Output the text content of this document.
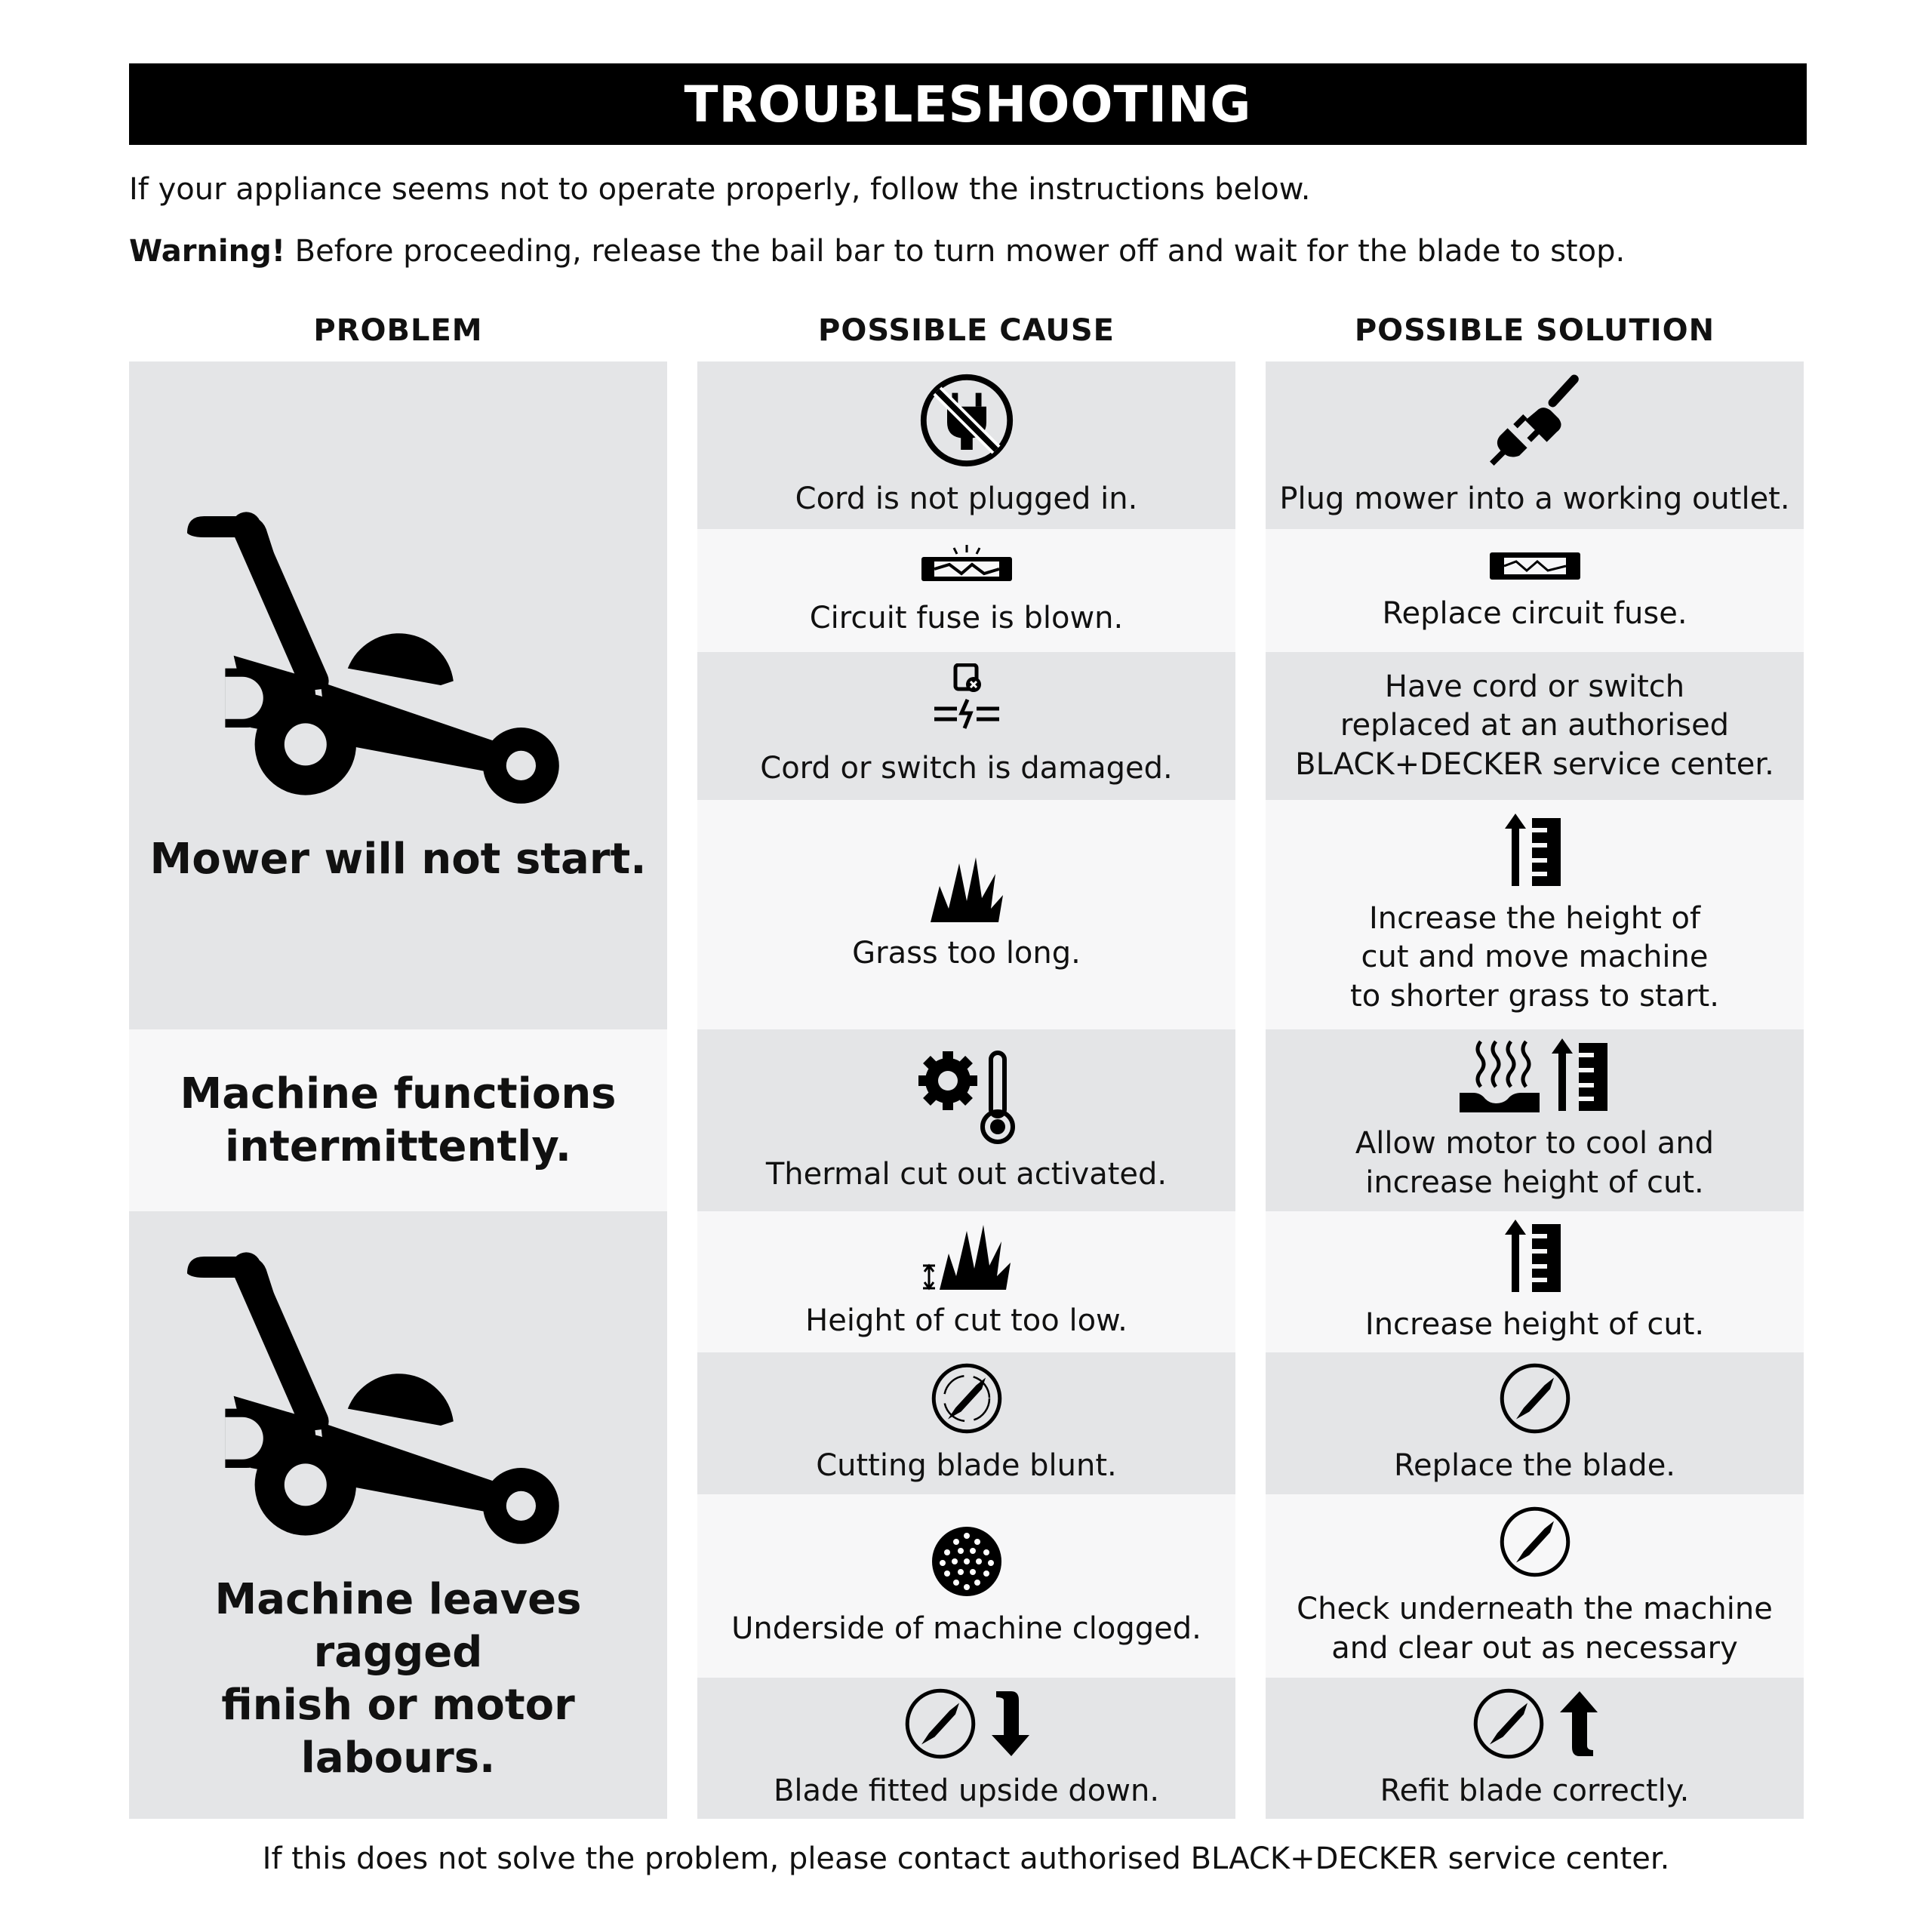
TROUBLESHOOTING
If your appliance seems not to operate properly, follow the instructions below.
Warning! Before proceeding, release the bail bar to turn mower off and wait for the blade to stop.
PROBLEM	POSSIBLE CAUSE	POSSIBLE SOLUTION
Mower will not start.
Machine functions
intermittently.
Machine leaves ragged
finish or motor labours.
Cord is not plugged in.
Circuit fuse is blown.
Cord or switch is damaged.
Grass too long.
Thermal cut out activated.
Height of cut too low.
Cutting blade blunt.
Underside of machine clogged.
Blade fitted upside down.
Plug mower into a working outlet.
Replace circuit fuse.
Have cord or switch
replaced at an authorised
BLACK+DECKER service center.
Increase the height of
cut and move machine
to shorter grass to start.
Allow motor to cool and
increase height of cut.
Increase height of cut.
Replace the blade.
Check underneath the machine
and clear out as necessary
Refit blade correctly.
If this does not solve the problem, please contact authorised BLACK+DECKER service center.
